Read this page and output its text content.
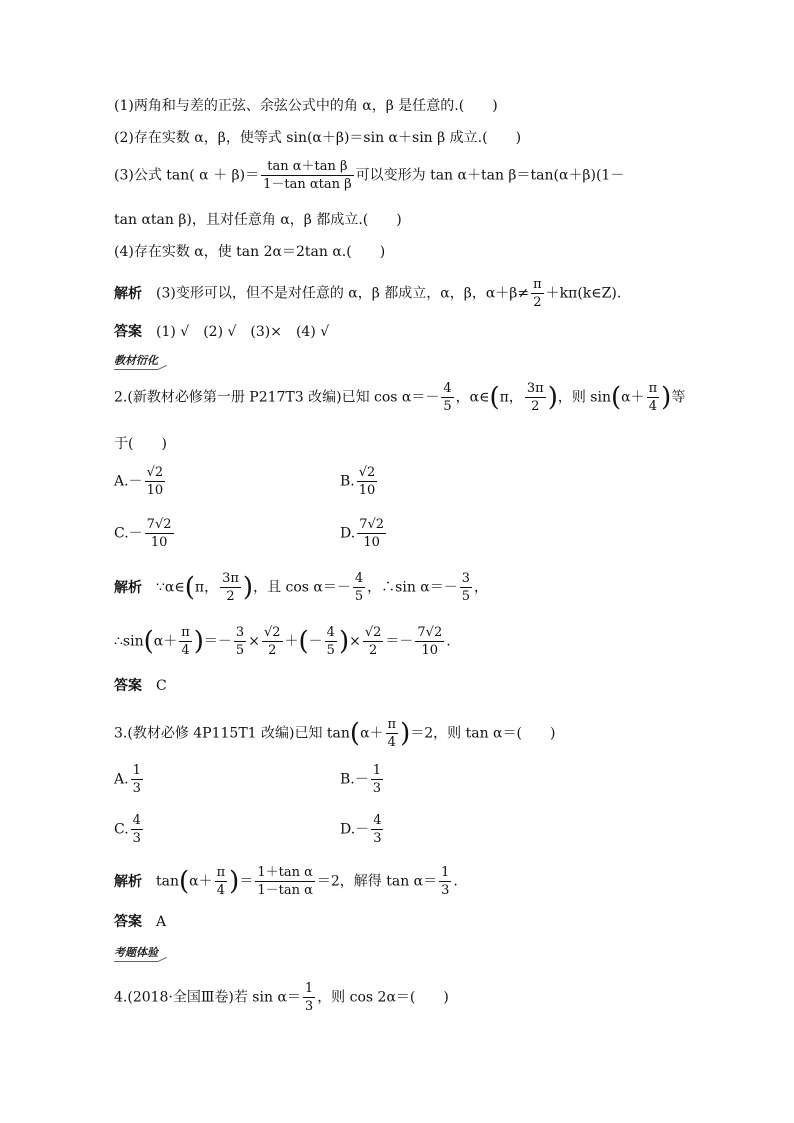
(1)两角和与差的正弦、余弦公式中的角 α，β 是任意的.(　　)
(2)存在实数 α，β，使等式 sin(α＋β)＝sin α＋sin β 成立.(　　)
(3)公式 tan( $\alpha + \beta)= \frac{\text{tan α＋tan β}}{\text{1－tan αtan β}}$ 可以变形为 tan α＋tan β＝tan(α＋β)(1－
tan αtan β)，且对任意角 α，β 都成立.(　　)
(4)存在实数 α，使 tan 2α＝2tan α.(　　)
解析 (3)变形可以，但不是对任意的 α，β 都成立，α，β，$\alpha+\beta\ne \frac{\pi}{2}$ ＋kπ(k∈Z).
答案 (1) √　(2) √　(3)×　(4) √
教材衍化
2.(新教材必修第一册 P217T3 改编)已知 $\cos \alpha=- \frac{4}{5}$ ，α∈(π， $\frac{3\pi}{2}$ )，则 $\sin(\alpha+ \frac{\pi}{4}$ )等
于(　　)
$A.- \frac{√2}{10}$	B. $\frac{√2}{10}$
$C.- \frac{7√2}{10}$	D. $\frac{7√2}{10}$
解析 ∵α∈(π， $\frac{3\pi}{2}$ )，且 $\cos \alpha=- \frac{4}{5}$ ，∴sin $\alpha=- \frac{3}{5}$ ，
∴sin(α＋ $\frac{\pi}{4}$ )＝－ $\frac{3}{5} \times \frac{√2}{2}$ ＋(－ $\frac{4}{5}$ )× $\frac{√2}{2} =- \frac{7√2}{10}$ .
答案 C
3.(教材必修 4P115T1 改编)已知 $\tan(\alpha+ \frac{\pi}{4} )=2$，则 tan α＝(　　)
A. $\frac{1}{3}$	$B.- \frac{1}{3}$
C. $\frac{4}{3}$	$D.- \frac{4}{3}$
解析 $\tan(\alpha+ \frac{\pi}{4}$ )＝ $\frac{\text{1＋tan α}}{\text{1－tan α}} =2$，解得 $\tan \alpha= \frac{1}{3}$ .
答案 A
考题体验
4.(2018·全国Ⅲ卷)若 $\sin \alpha= \frac{1}{3}$ ，则 cos 2α＝(　　)
